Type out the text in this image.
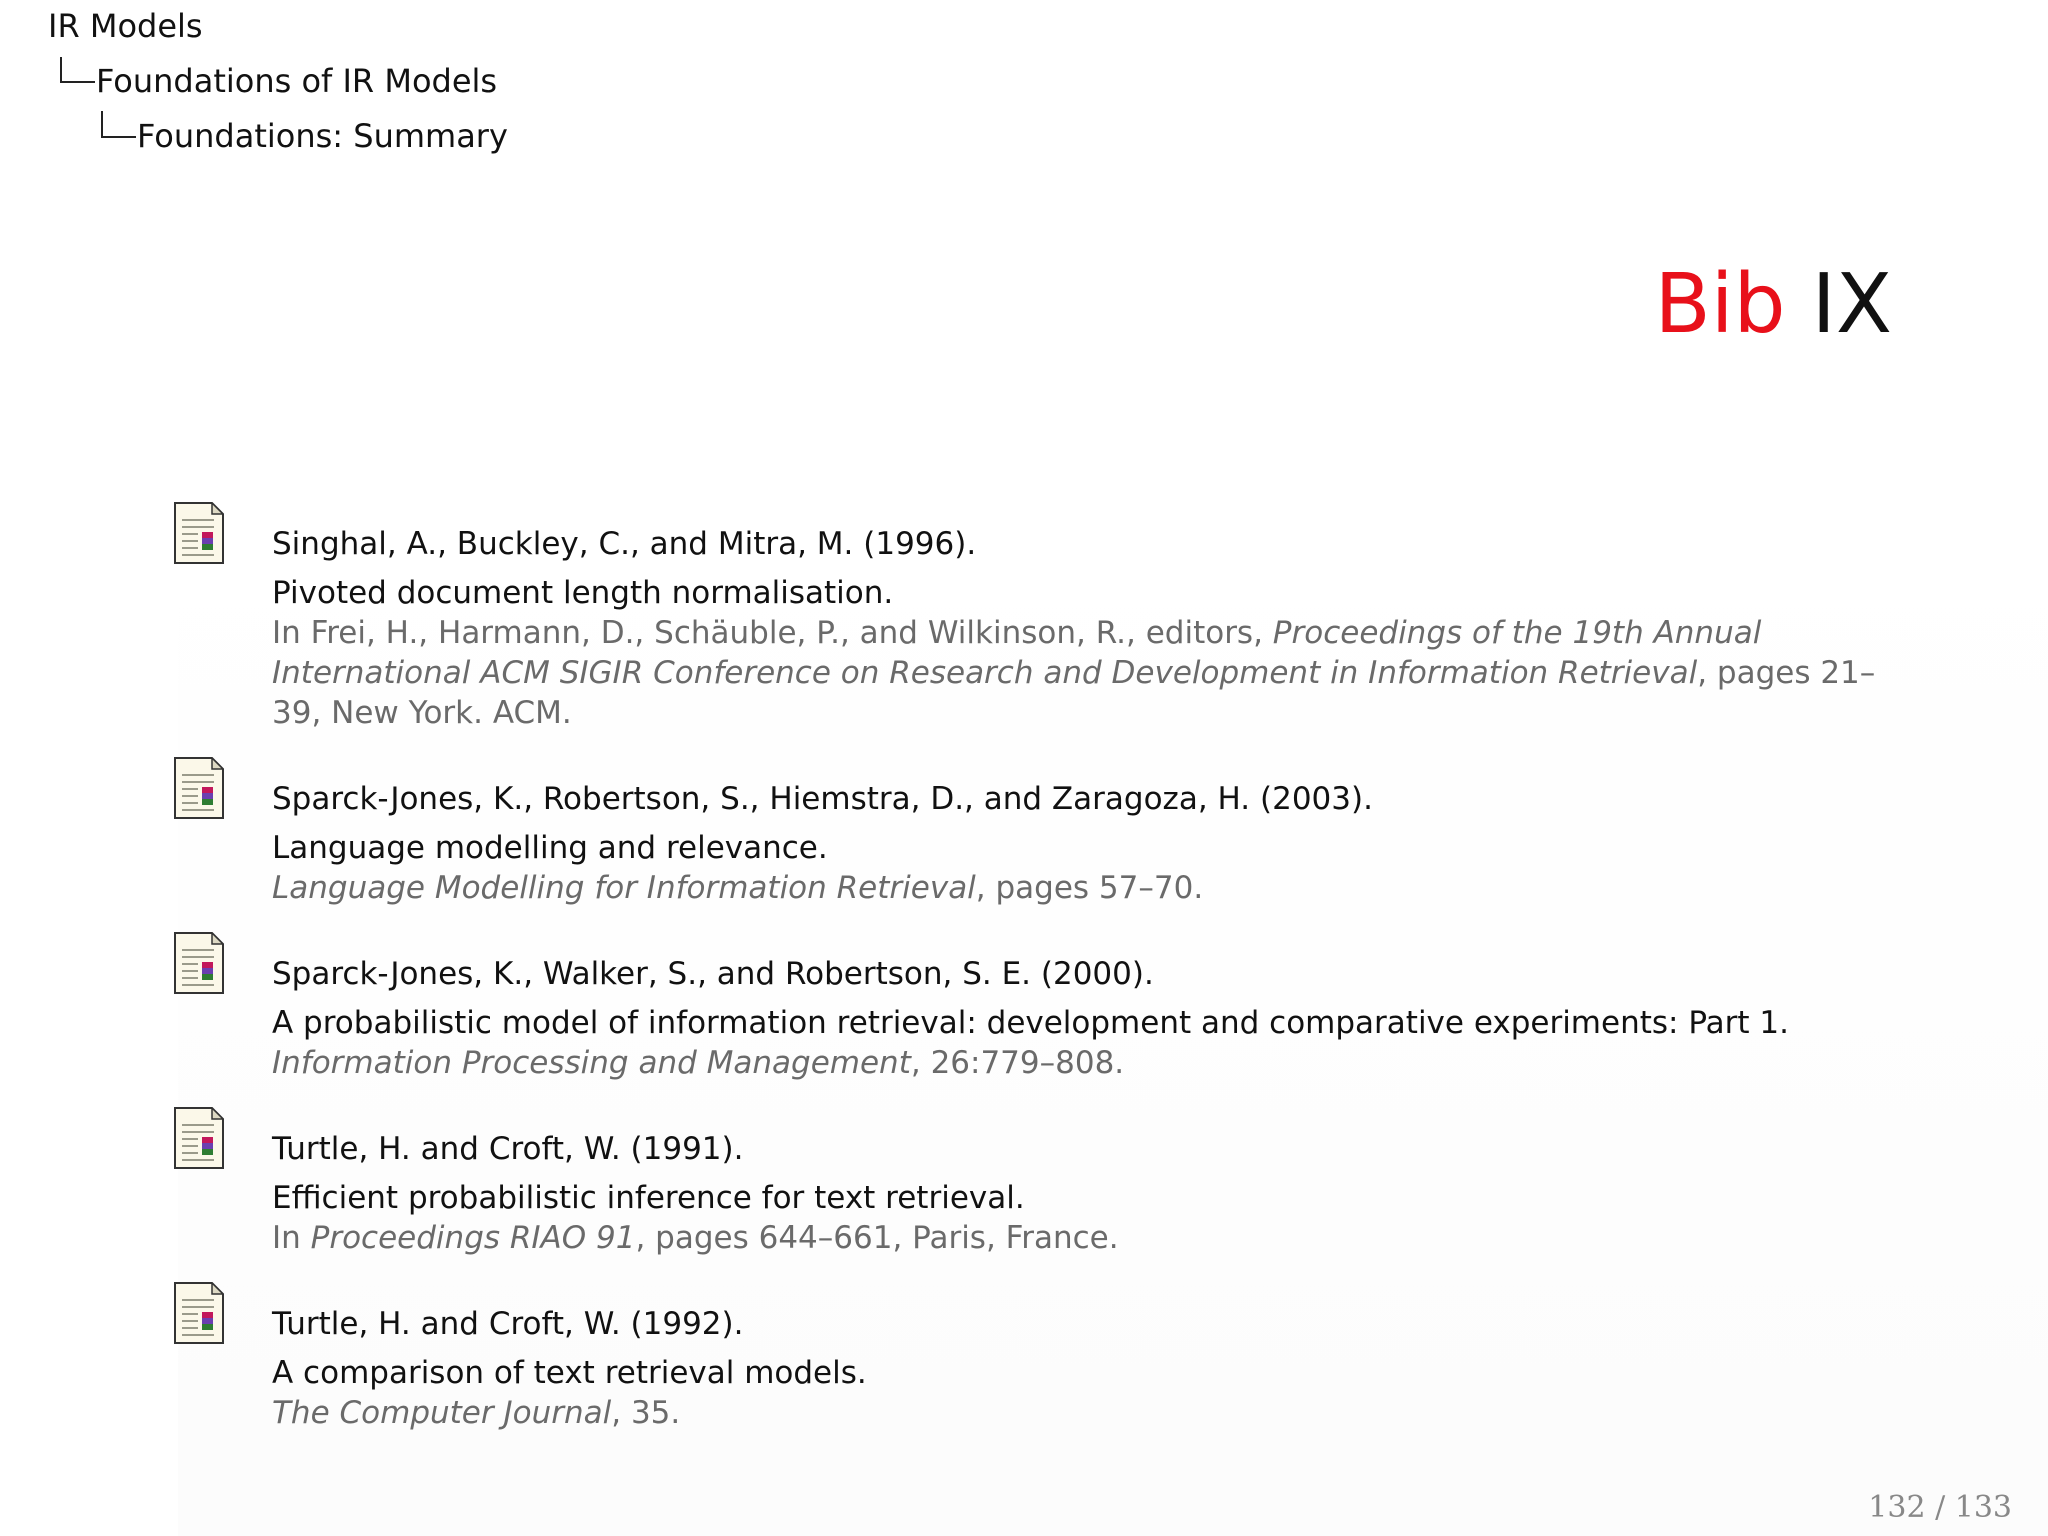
IR Models
Foundations of IR Models
Foundations: Summary
Bib IX
Singhal, A., Buckley, C., and Mitra, M. (1996).
Pivoted document length normalisation.
In Frei, H., Harmann, D., Schäuble, P., and Wilkinson, R., editors, Proceedings of the 19th Annual International ACM SIGIR Conference on Research and Development in Information Retrieval, pages 21–39, New York. ACM.
Sparck-Jones, K., Robertson, S., Hiemstra, D., and Zaragoza, H. (2003).
Language modelling and relevance.
Language Modelling for Information Retrieval, pages 57–70.
Sparck-Jones, K., Walker, S., and Robertson, S. E. (2000).
A probabilistic model of information retrieval: development and comparative experiments: Part 1.
Information Processing and Management, 26:779–808.
Turtle, H. and Croft, W. (1991).
Efficient probabilistic inference for text retrieval.
In Proceedings RIAO 91, pages 644–661, Paris, France.
Turtle, H. and Croft, W. (1992).
A comparison of text retrieval models.
The Computer Journal, 35.
132 / 133
